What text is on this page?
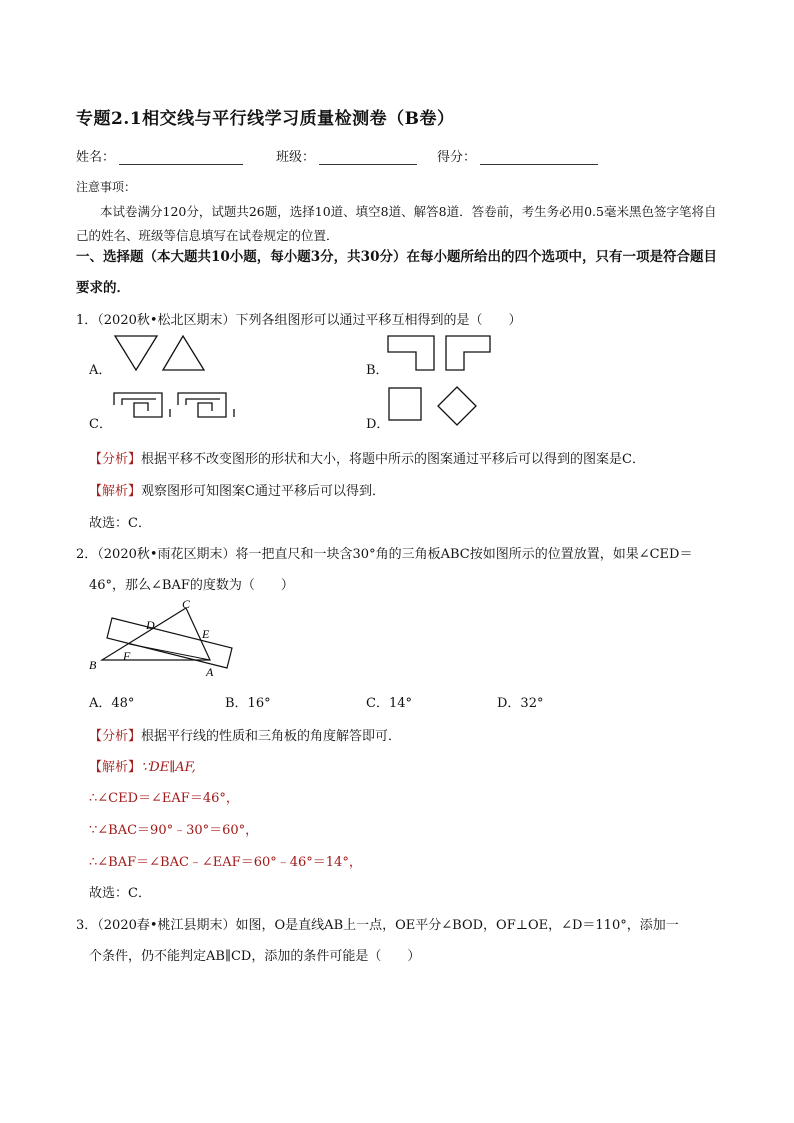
专题2.1相交线与平行线学习质量检测卷（B卷）
姓名：	班级：	得分：
注意事项：
本试卷满分120分，试题共26题，选择10道、填空8道、解答8道．答卷前，考生务必用0.5毫米黑色签字笔将自己的姓名、班级等信息填写在试卷规定的位置．
一、选择题（本大题共10小题，每小题3分，共30分）在每小题所给出的四个选项中，只有一项是符合题目要求的．
1．（2020秋•松北区期末）下列各组图形可以通过平移互相得到的是（　　）
A．	B．
C．	D．
【分析】根据平移不改变图形的形状和大小，将题中所示的图案通过平移后可以得到的图案是C．
【解析】观察图形可知图案C通过平移后可以得到．
故选：C．
2．（2020秋•雨花区期末）将一把直尺和一块含30°角的三角板ABC按如图所示的位置放置，如果∠CED＝
46°，那么∠BAF的度数为（　　）
C
D
E
B
F
A
A．48°	B．16°	C．14°	D．32°
【分析】根据平行线的性质和三角板的角度解答即可．
【解析】∵DE∥AF,
∴∠CED＝∠EAF＝46°，
∵∠BAC＝90°﹣30°＝60°，
∴∠BAF＝∠BAC﹣∠EAF＝60°﹣46°＝14°，
故选：C．
3．（2020春•桃江县期末）如图，O是直线AB上一点，OE平分∠BOD，OF⊥OE，∠D＝110°，添加一
个条件，仍不能判定AB∥CD，添加的条件可能是（　　）
